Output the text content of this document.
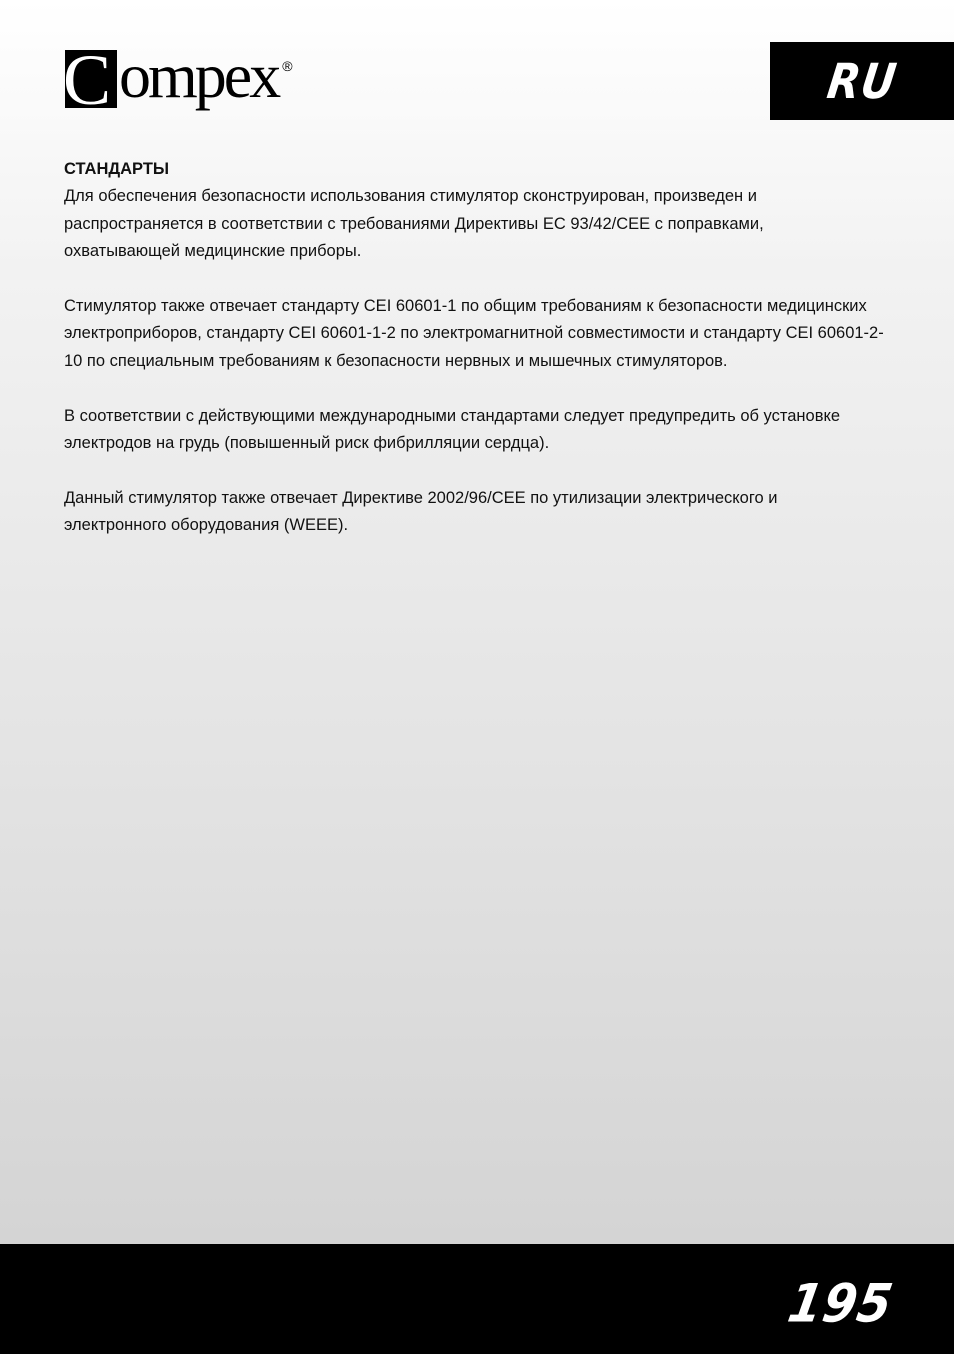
C ompex ®	RU
СТАНДАРТЫ

Для обеспечения безопасности использования стимулятор сконструирован, произведен и распространяется в соответствии с требованиями Директивы EC 93/42/CEE с поправками, охватывающей медицинские приборы.

Стимулятор также отвечает стандарту CEI 60601-1 по общим требованиям к безопасности медицинских электроприборов, стандарту CEI 60601-1-2 по электромагнитной совместимости и стандарту CEI 60601-2-10 по специальным требованиям к безопасности нервных и мышечных стимуляторов.

В соответствии с действующими международными стандартами следует предупредить об установке электродов на грудь (повышенный риск фибрилляции сердца).

Данный стимулятор также отвечает Директиве 2002/96/CEE по утилизации электрического и электронного оборудования (WEEE).

195
